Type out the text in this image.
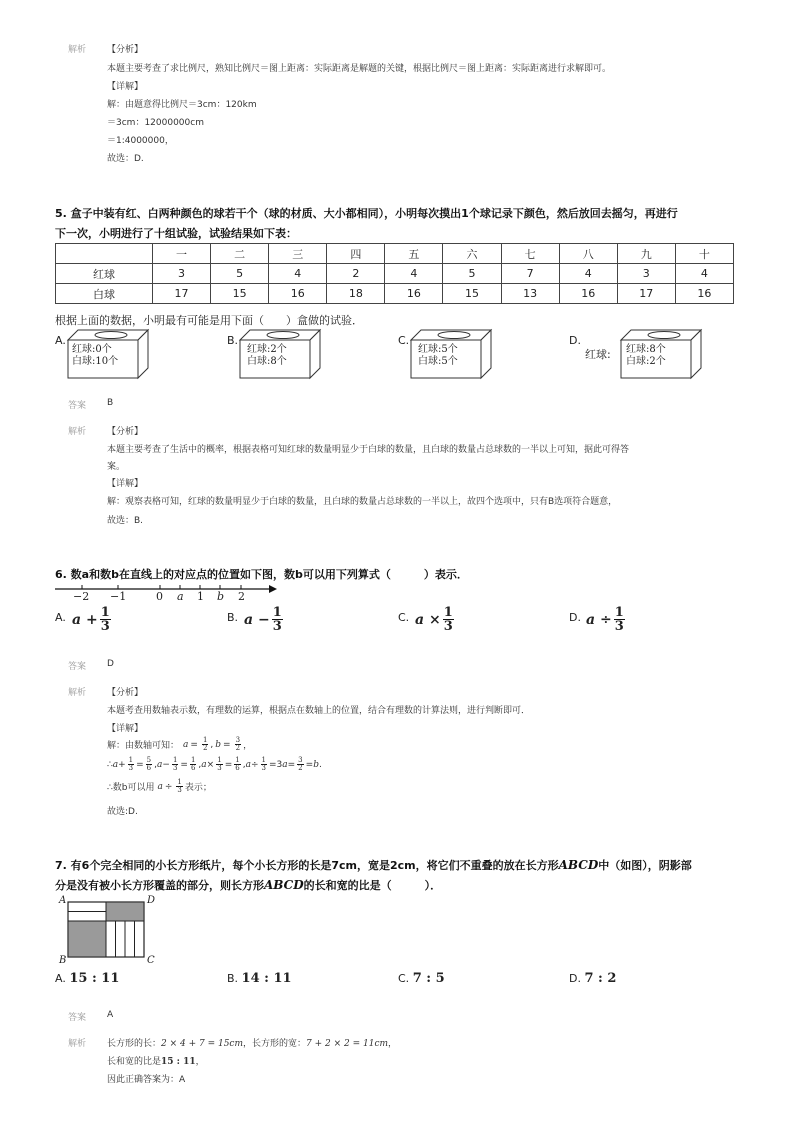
解析 【分析】
本题主要考查了求比例尺，熟知比例尺＝图上距离：实际距离是解题的关键，根据比例尺＝图上距离：实际距离进行求解即可。
【详解】
解：由题意得比例尺＝3cm：120km
＝3cm：12000000cm
＝1:4000000，
故选：D.
5. 盒子中装有红、白两种颜色的球若干个（球的材质、大小都相同），小明每次摸出1个球记录下颜色，然后放回去摇匀，再进行
下一次，小明进行了十组试验，试验结果如下表：
	一	二	三	四	五	六	七	八	九	十
红球	3	5	4	2	4	5	7	4	3	4
白球	17	15	16	18	16	15	13	16	17	16
根据上面的数据，小明最有可能是用下面（　　）盒做的试验．
A.
红球:0个
白球:10个
B.
红球:2个
白球:8个
C.
红球:5个
白球:5个
D.
红球: 红球:8个
白球:2个
答案 B
解析 【分析】
本题主要考查了生活中的概率，根据表格可知红球的数量明显少于白球的数量，且白球的数量占总球数的一半以上可知，据此可得答
案。
【详解】
解：观察表格可知，红球的数量明显少于白球的数量，且白球的数量占总球数的一半以上，故四个选项中，只有B选项符合题意，
故选：B.
6. 数a和数b在直线上的对应点的位置如下图，数b可以用下列算式（　　　）表示．
−2 −1	0 a 1 b 2
A. $a + \frac{1}{3}$	B. $a - \frac{1}{3}$	C. $a \times \frac{1}{3}$	D. $a \div \frac{1}{3}$
答案 D
解析 【分析】
本题考查用数轴表示数，有理数的运算，根据点在数轴上的位置，结合有理数的计算法则，进行判断即可．
【详解】
解：由数轴可知： $a = \frac{1}{2}$ , $b = \frac{3}{2}$ ，
∴ $a + \frac{1}{3} = \frac{5}{6}$ , $a - \frac{1}{3} = \frac{1}{6}$ , $a \times \frac{1}{3} = \frac{1}{6}$ , $a \div \frac{1}{3} =3$ $a = \frac{3}{2} = b$ .
∴数b可以用 $a \div \frac{1}{3}$ 表示；
故选:D.
7. 有6个完全相同的小长方形纸片，每个小长方形的长是7cm，宽是2cm，将它们不重叠的放在长方形ABCD中（如图），阴影部
分是没有被小长方形覆盖的部分，则长方形ABCD的长和宽的比是（　　　）．
A	D
B	C
A. 15 : 11	B. 14 : 11	C. 7 : 5	D. 7 : 2
答案 A
解析 长方形的长：2 × 4 + 7 = 15cm，长方形的宽：7 + 2 × 2 = 11cm，
长和宽的比是15 : 11，
因此正确答案为：A
